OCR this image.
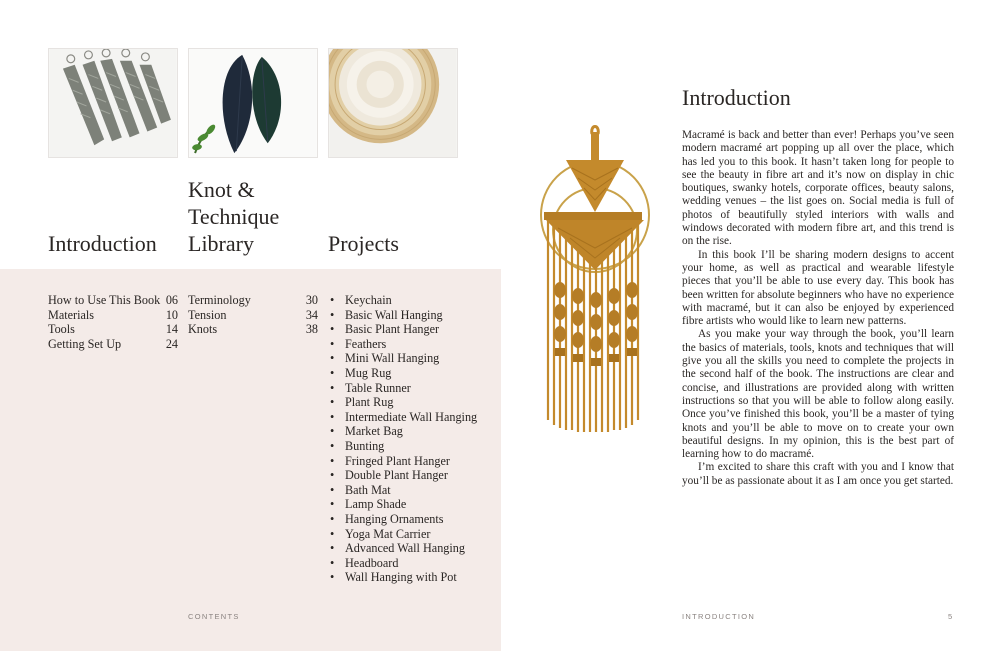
Introduction
Knot &
Technique
Library	Projects
How to Use This Book 06
Materials	10
Tools	14
Getting Set Up	24
Terminology	30
Tension	34
Knots	38
• Keychain
• Basic Wall Hanging
• Basic Plant Hanger
• Feathers
• Mini Wall Hanging
• Mug Rug
• Table Runner
• Plant Rug
• Intermediate Wall Hanging
• Market Bag
• Bunting
• Fringed Plant Hanger
• Double Plant Hanger
• Bath Mat
• Lamp Shade
• Hanging Ornaments
• Yoga Mat Carrier
• Advanced Wall Hanging
• Headboard
• Wall Hanging with Pot
CONTENTS
Introduction

Macramé is back and better than ever! Perhaps you’ve seen modern macramé art popping up all over the place, which has led you to this book. It hasn’t taken long for people to see the beauty in fibre art and it’s now on display in chic boutiques, swanky hotels, corporate offices, beauty salons, wedding venues – the list goes on. Social media is full of photos of beautifully styled interiors with walls and windows decorated with modern fibre art, and this trend is on the rise.

In this book I’ll be sharing modern designs to accent your home, as well as practical and wearable lifestyle pieces that you’ll be able to use every day. This book has been written for absolute beginners who have no experience with macramé, but it can also be enjoyed by experienced fibre artists who would like to learn new patterns.

As you make your way through the book, you’ll learn the basics of materials, tools, knots and techniques that will give you all the skills you need to complete the projects in the second half of the book. The instructions are clear and concise, and illustrations are provided along with written instructions so that you will be able to follow along easily. Once you’ve finished this book, you’ll be a master of tying knots and you’ll be able to move on to create your own beautiful designs. In my opinion, this is the best part of learning how to do macramé.

I’m excited to share this craft with you and I know that you’ll be as passionate about it as I am once you get started.

INTRODUCTION	5
